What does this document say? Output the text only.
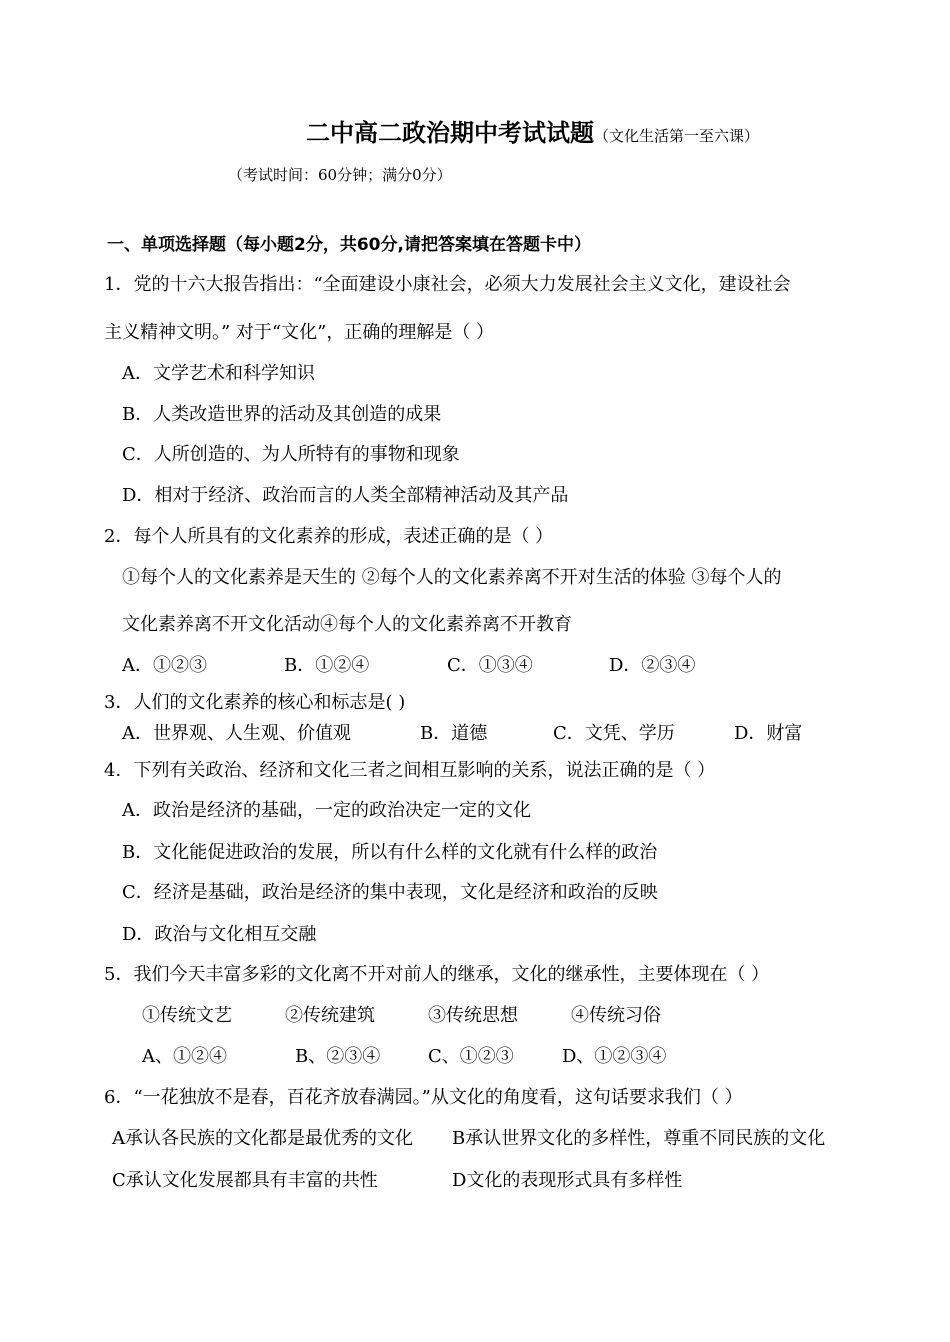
二中高二政治期中考试试题（文化生活第一至六课）
（考试时间：60分钟；满分0分）
一、单项选择题（每小题2分，共60分,请把答案填在答题卡中）
1．党的十六大报告指出：“全面建设小康社会，必须大力发展社会主义文化，建设社会
主义精神文明。” 对于“文化”，正确的理解是（ ）
A．文学艺术和科学知识
B．人类改造世界的活动及其创造的成果
C．人所创造的、为人所特有的事物和现象
D．相对于经济、政治而言的人类全部精神活动及其产品
2．每个人所具有的文化素养的形成，表述正确的是（ ）
①每个人的文化素养是天生的 ②每个人的文化素养离不开对生活的体验 ③每个人的
文化素养离不开文化活动④每个人的文化素养离不开教育
A．①②③	B．①②④	C．①③④	D．②③④
3．人们的文化素养的核心和标志是( )
A．世界观、人生观、价值观	B．道德	C．文凭、学历	D．财富
4．下列有关政治、经济和文化三者之间相互影响的关系，说法正确的是（ ）
A．政治是经济的基础，一定的政治决定一定的文化
B．文化能促进政治的发展，所以有什么样的文化就有什么样的政治
C．经济是基础，政治是经济的集中表现，文化是经济和政治的反映
D．政治与文化相互交融
5．我们今天丰富多彩的文化离不开对前人的继承，文化的继承性，主要体现在（ ）
①传统文艺	②传统建筑	③传统思想	④传统习俗
A、①②④	B、②③④	C、①②③	D、①②③④
6．“一花独放不是春，百花齐放春满园。”从文化的角度看，这句话要求我们（ ）
A承认各民族的文化都是最优秀的文化 B承认世界文化的多样性，尊重不同民族的文化
C承认文化发展都具有丰富的共性	D文化的表现形式具有多样性
